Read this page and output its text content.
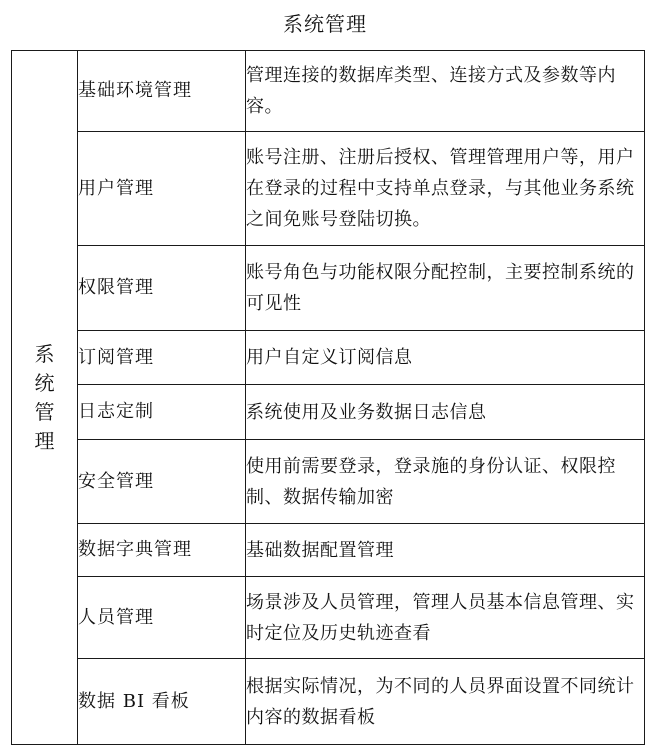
系统管理
系统管理	基础环境管理	管理连接的数据库类型、连接方式及参数等内容。
	用户管理	账号注册、注册后授权、管理管理用户等，用户在登录的过程中支持单点登录，与其他业务系统之间免账号登陆切换。
	权限管理	账号角色与功能权限分配控制，主要控制系统的可见性
	订阅管理	用户自定义订阅信息
	日志定制	系统使用及业务数据日志信息
	安全管理	使用前需要登录，登录施的身份认证、权限控制、数据传输加密
	数据字典管理	基础数据配置管理
	人员管理	场景涉及人员管理，管理人员基本信息管理、实时定位及历史轨迹查看
	数据 BI 看板	根据实际情况，为不同的人员界面设置不同统计内容的数据看板
